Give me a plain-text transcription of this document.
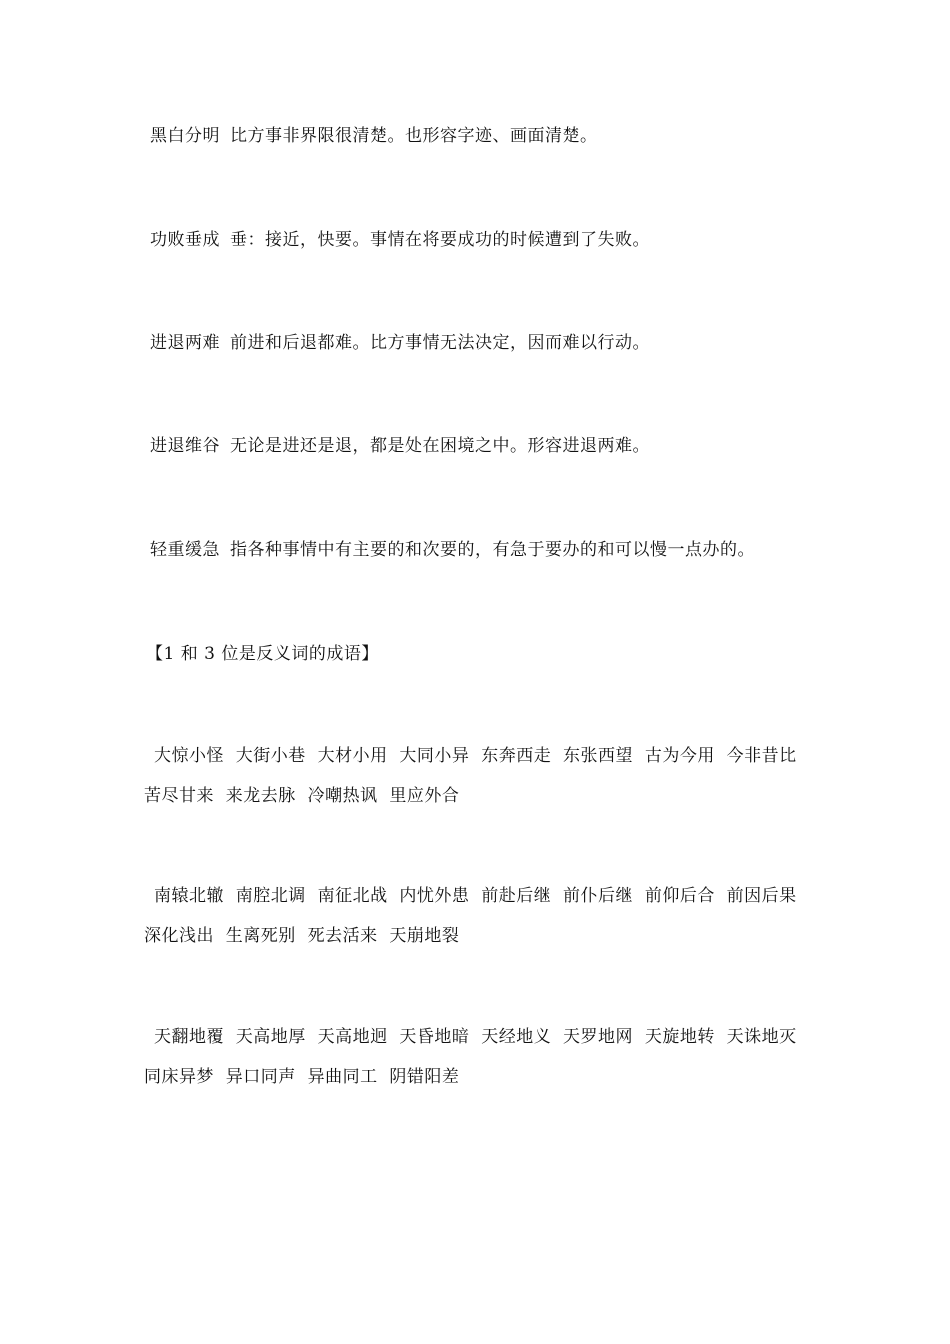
黑白分明 比方事非界限很清楚。也形容字迹、画面清楚。
功败垂成 垂：接近，快要。事情在将要成功的时候遭到了失败。
进退两难 前进和后退都难。比方事情无法决定，因而难以行动。
进退维谷 无论是进还是退，都是处在困境之中。形容进退两难。
轻重缓急 指各种事情中有主要的和次要的，有急于要办的和可以慢一点办的。
【1 和 3 位是反义词的成语】
大惊小怪  大街小巷  大材小用  大同小异  东奔西走  东张西望  古为今用  今非昔比  苦尽甘来  来龙去脉  冷嘲热讽  里应外合
南辕北辙  南腔北调  南征北战  内忧外患  前赴后继  前仆后继  前仰后合  前因后果  深化浅出  生离死别  死去活来  天崩地裂
天翻地覆  天高地厚  天高地迥  天昏地暗  天经地义  天罗地网  天旋地转  天诛地灭  同床异梦  异口同声  异曲同工  阴错阳差
